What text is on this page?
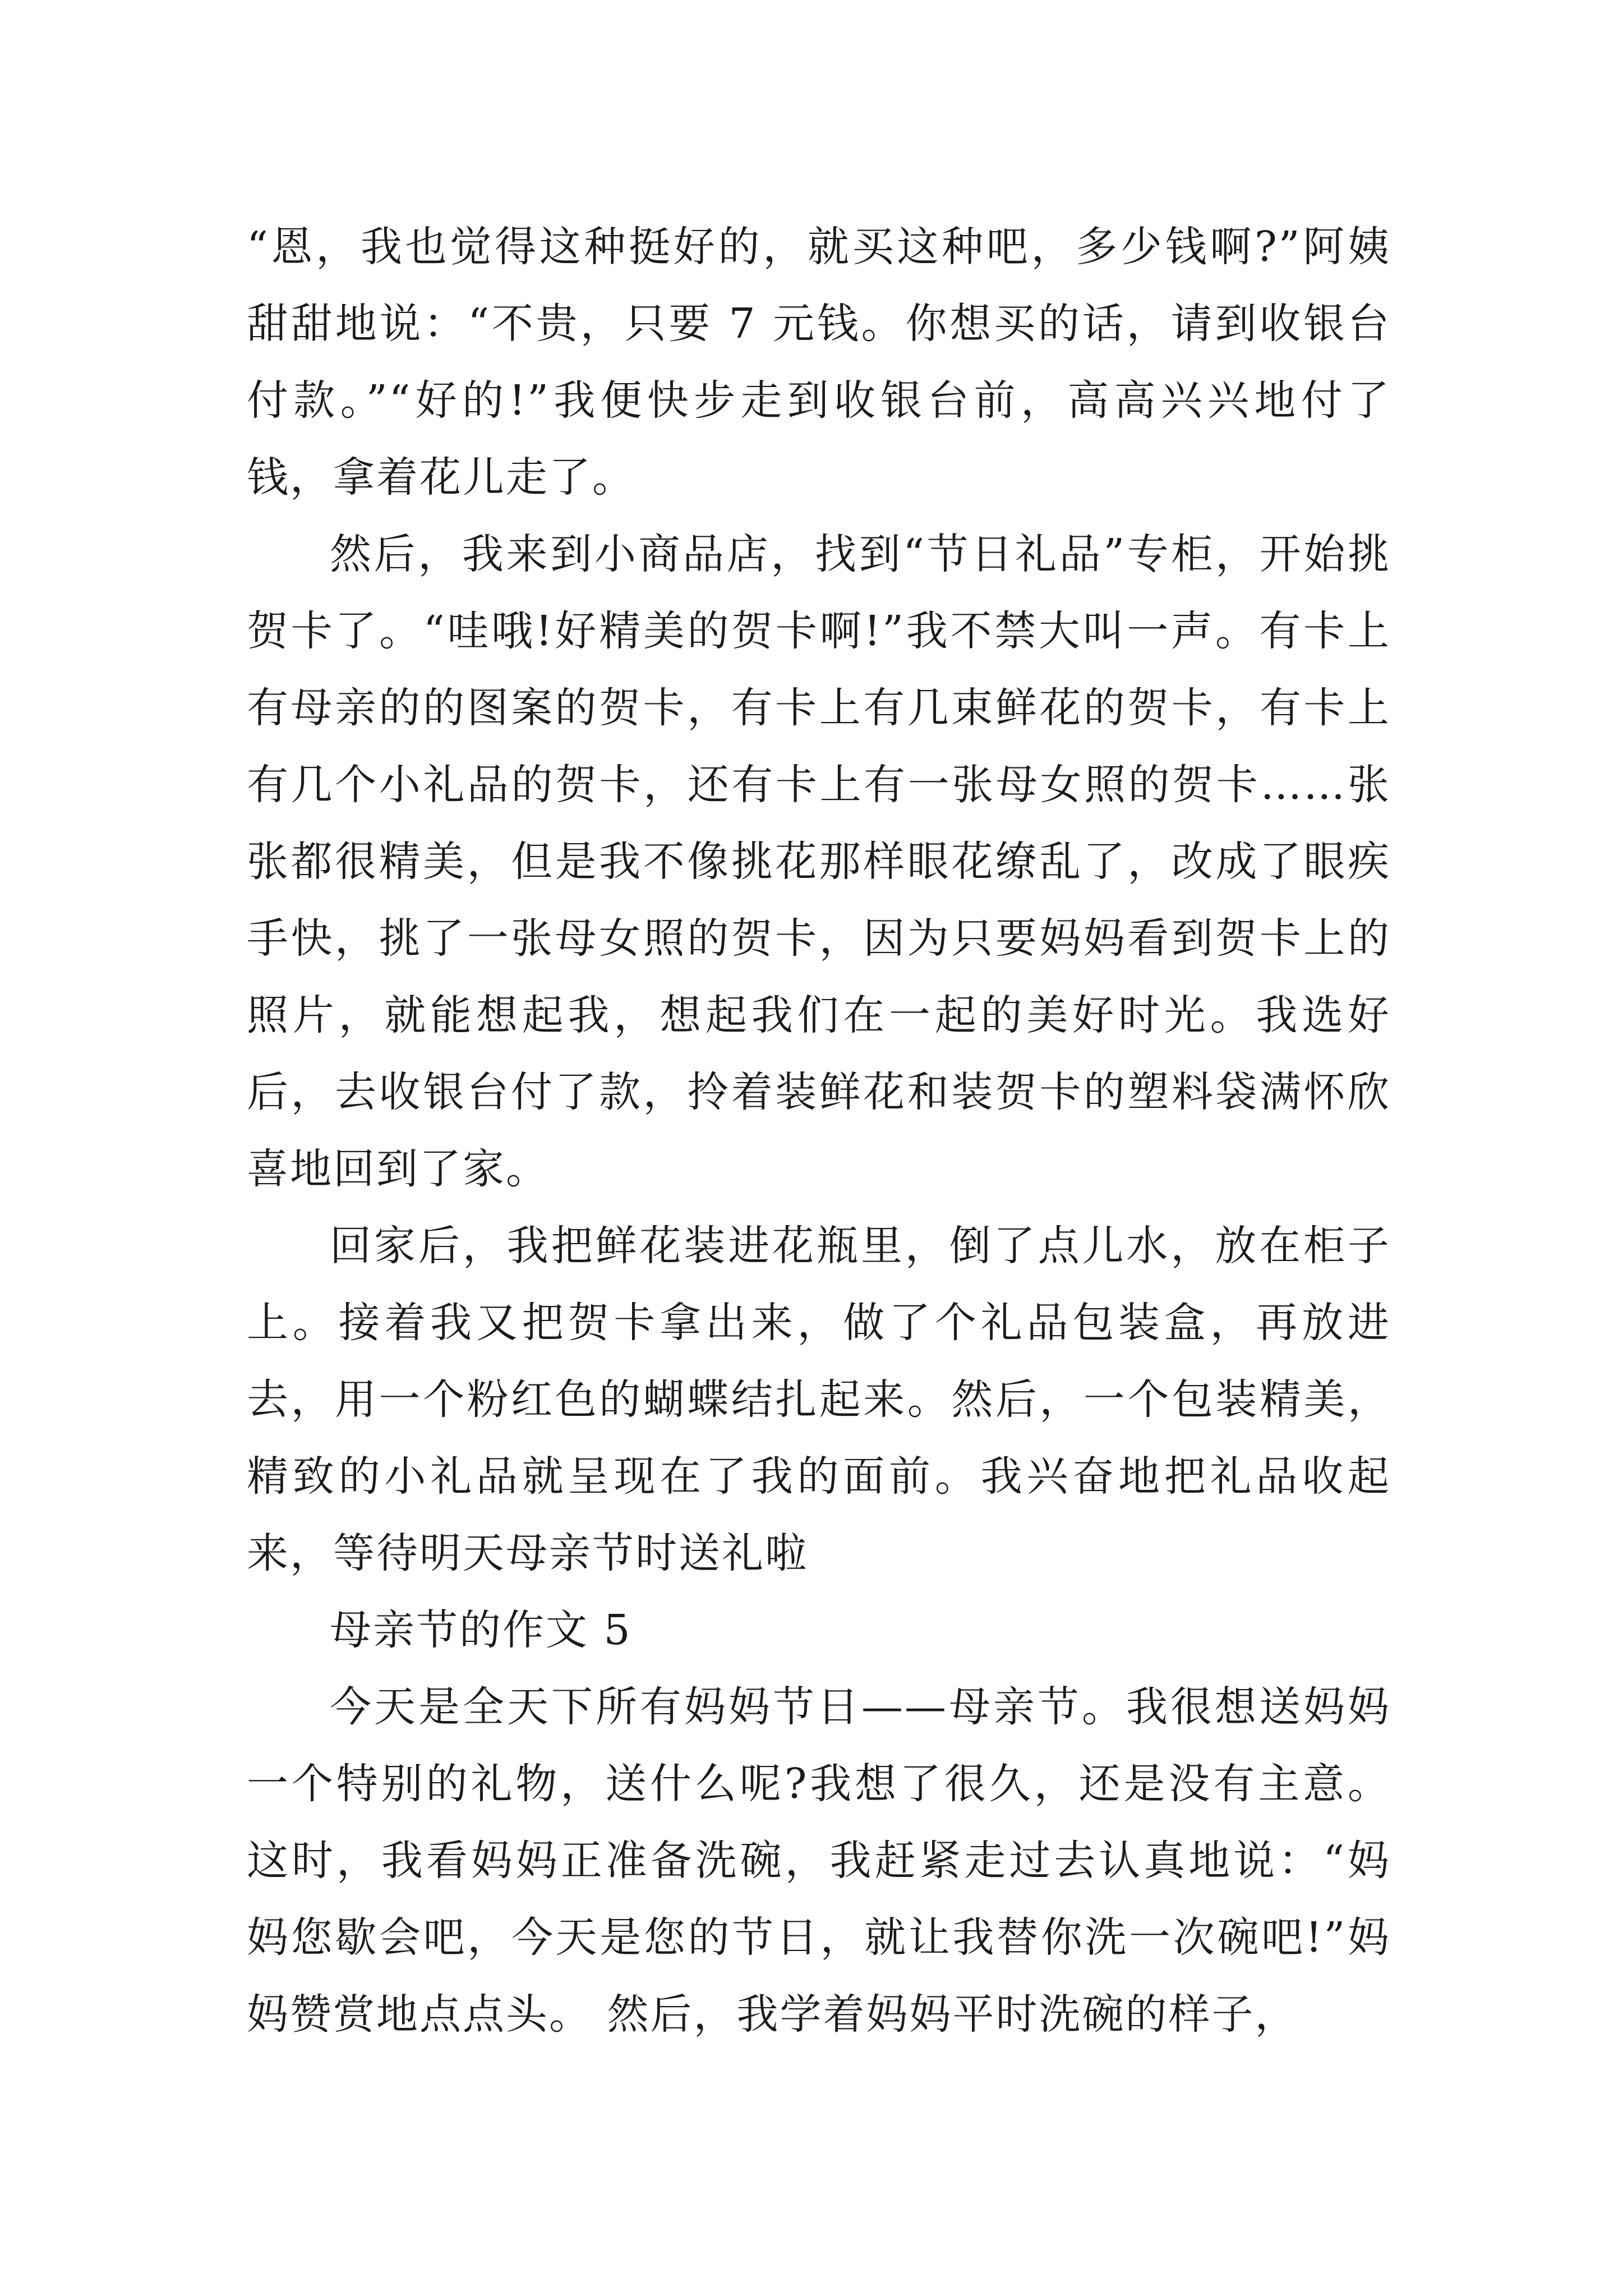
“恩，我也觉得这种挺好的，就买这种吧，多少钱啊?”阿姨甜甜地说：“不贵，只要 7 元钱。你想买的话，请到收银台付款。”“好的!”我便快步走到收银台前，高高兴兴地付了钱，拿着花儿走了。

然后，我来到小商品店，找到“节日礼品”专柜，开始挑贺卡了。“哇哦!好精美的贺卡啊!”我不禁大叫一声。有卡上有母亲的的图案的贺卡，有卡上有几束鲜花的贺卡，有卡上有几个小礼品的贺卡，还有卡上有一张母女照的贺卡……张张都很精美，但是我不像挑花那样眼花缭乱了，改成了眼疾手快，挑了一张母女照的贺卡，因为只要妈妈看到贺卡上的照片，就能想起我，想起我们在一起的美好时光。我选好后，去收银台付了款，拎着装鲜花和装贺卡的塑料袋满怀欣喜地回到了家。

回家后，我把鲜花装进花瓶里，倒了点儿水，放在柜子上。接着我又把贺卡拿出来，做了个礼品包装盒，再放进去，用一个粉红色的蝴蝶结扎起来。然后，一个包装精美，精致的小礼品就呈现在了我的面前。我兴奋地把礼品收起来，等待明天母亲节时送礼啦

母亲节的作文 5

今天是全天下所有妈妈节日——母亲节。我很想送妈妈一个特别的礼物，送什么呢?我想了很久，还是没有主意。这时，我看妈妈正准备洗碗，我赶紧走过去认真地说：“妈妈您歇会吧，今天是您的节日，就让我替你洗一次碗吧!”妈妈赞赏地点点头。 然后，我学着妈妈平时洗碗的样子，
